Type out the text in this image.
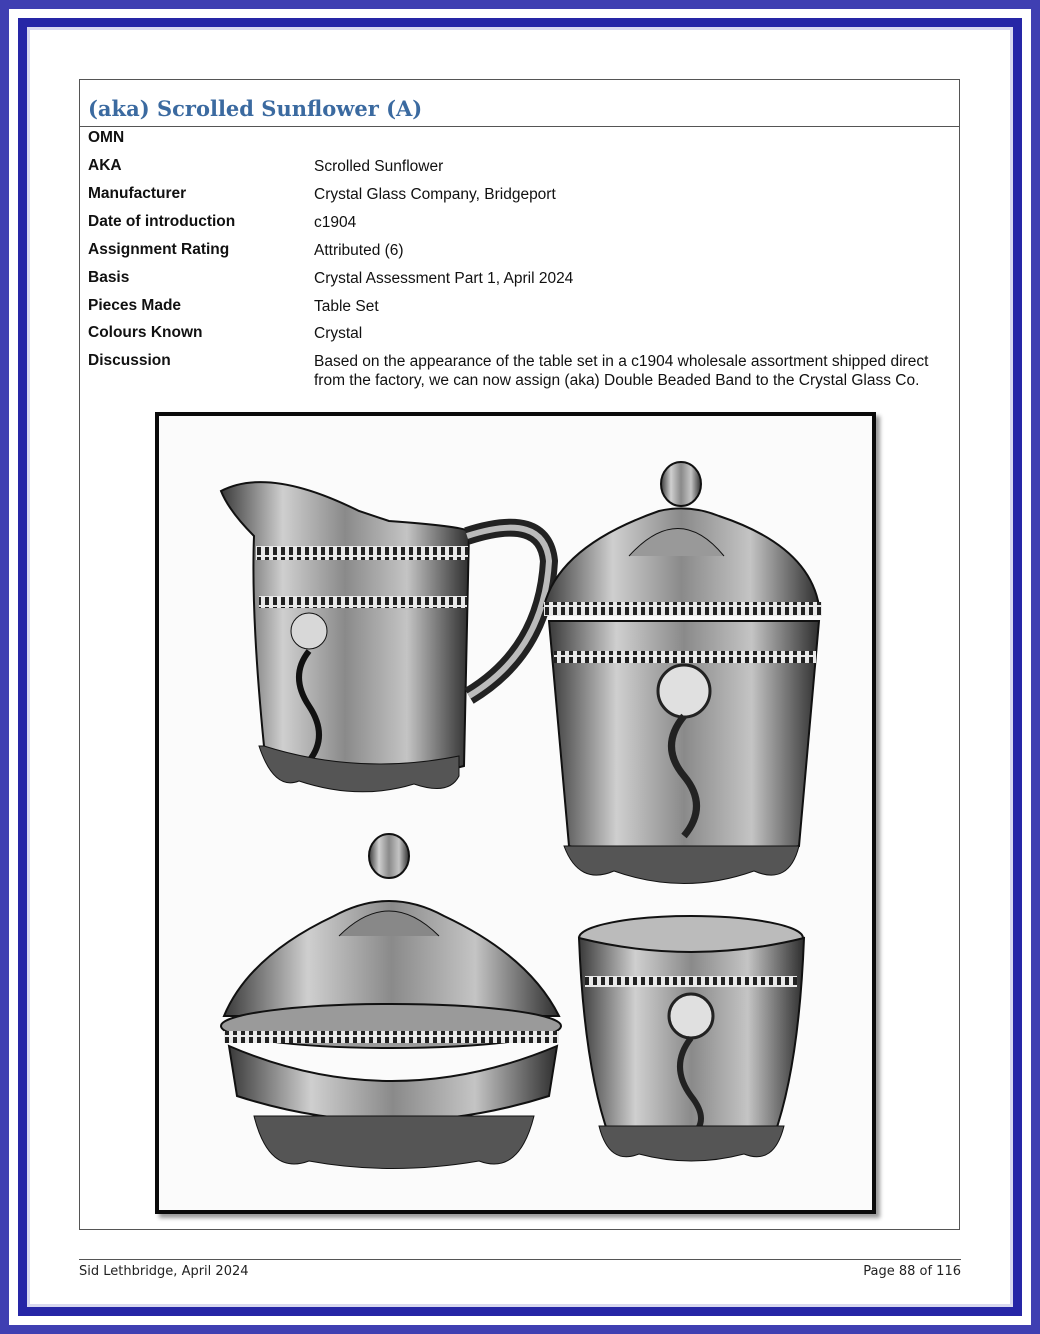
(aka) Scrolled Sunflower (A)
OMN
AKA	Scrolled Sunflower
Manufacturer	Crystal Glass Company, Bridgeport
Date of introduction	c1904
Assignment Rating	Attributed (6)
Basis	Crystal Assessment Part 1, April 2024
Pieces Made	Table Set
Colours Known	Crystal
Discussion	Based on the appearance of the table set in a c1904 wholesale assortment shipped direct from the factory, we can now assign (aka) Double Beaded Band to the Crystal Glass Co.
Sid Lethbridge, April 2024	Page 88 of 116
